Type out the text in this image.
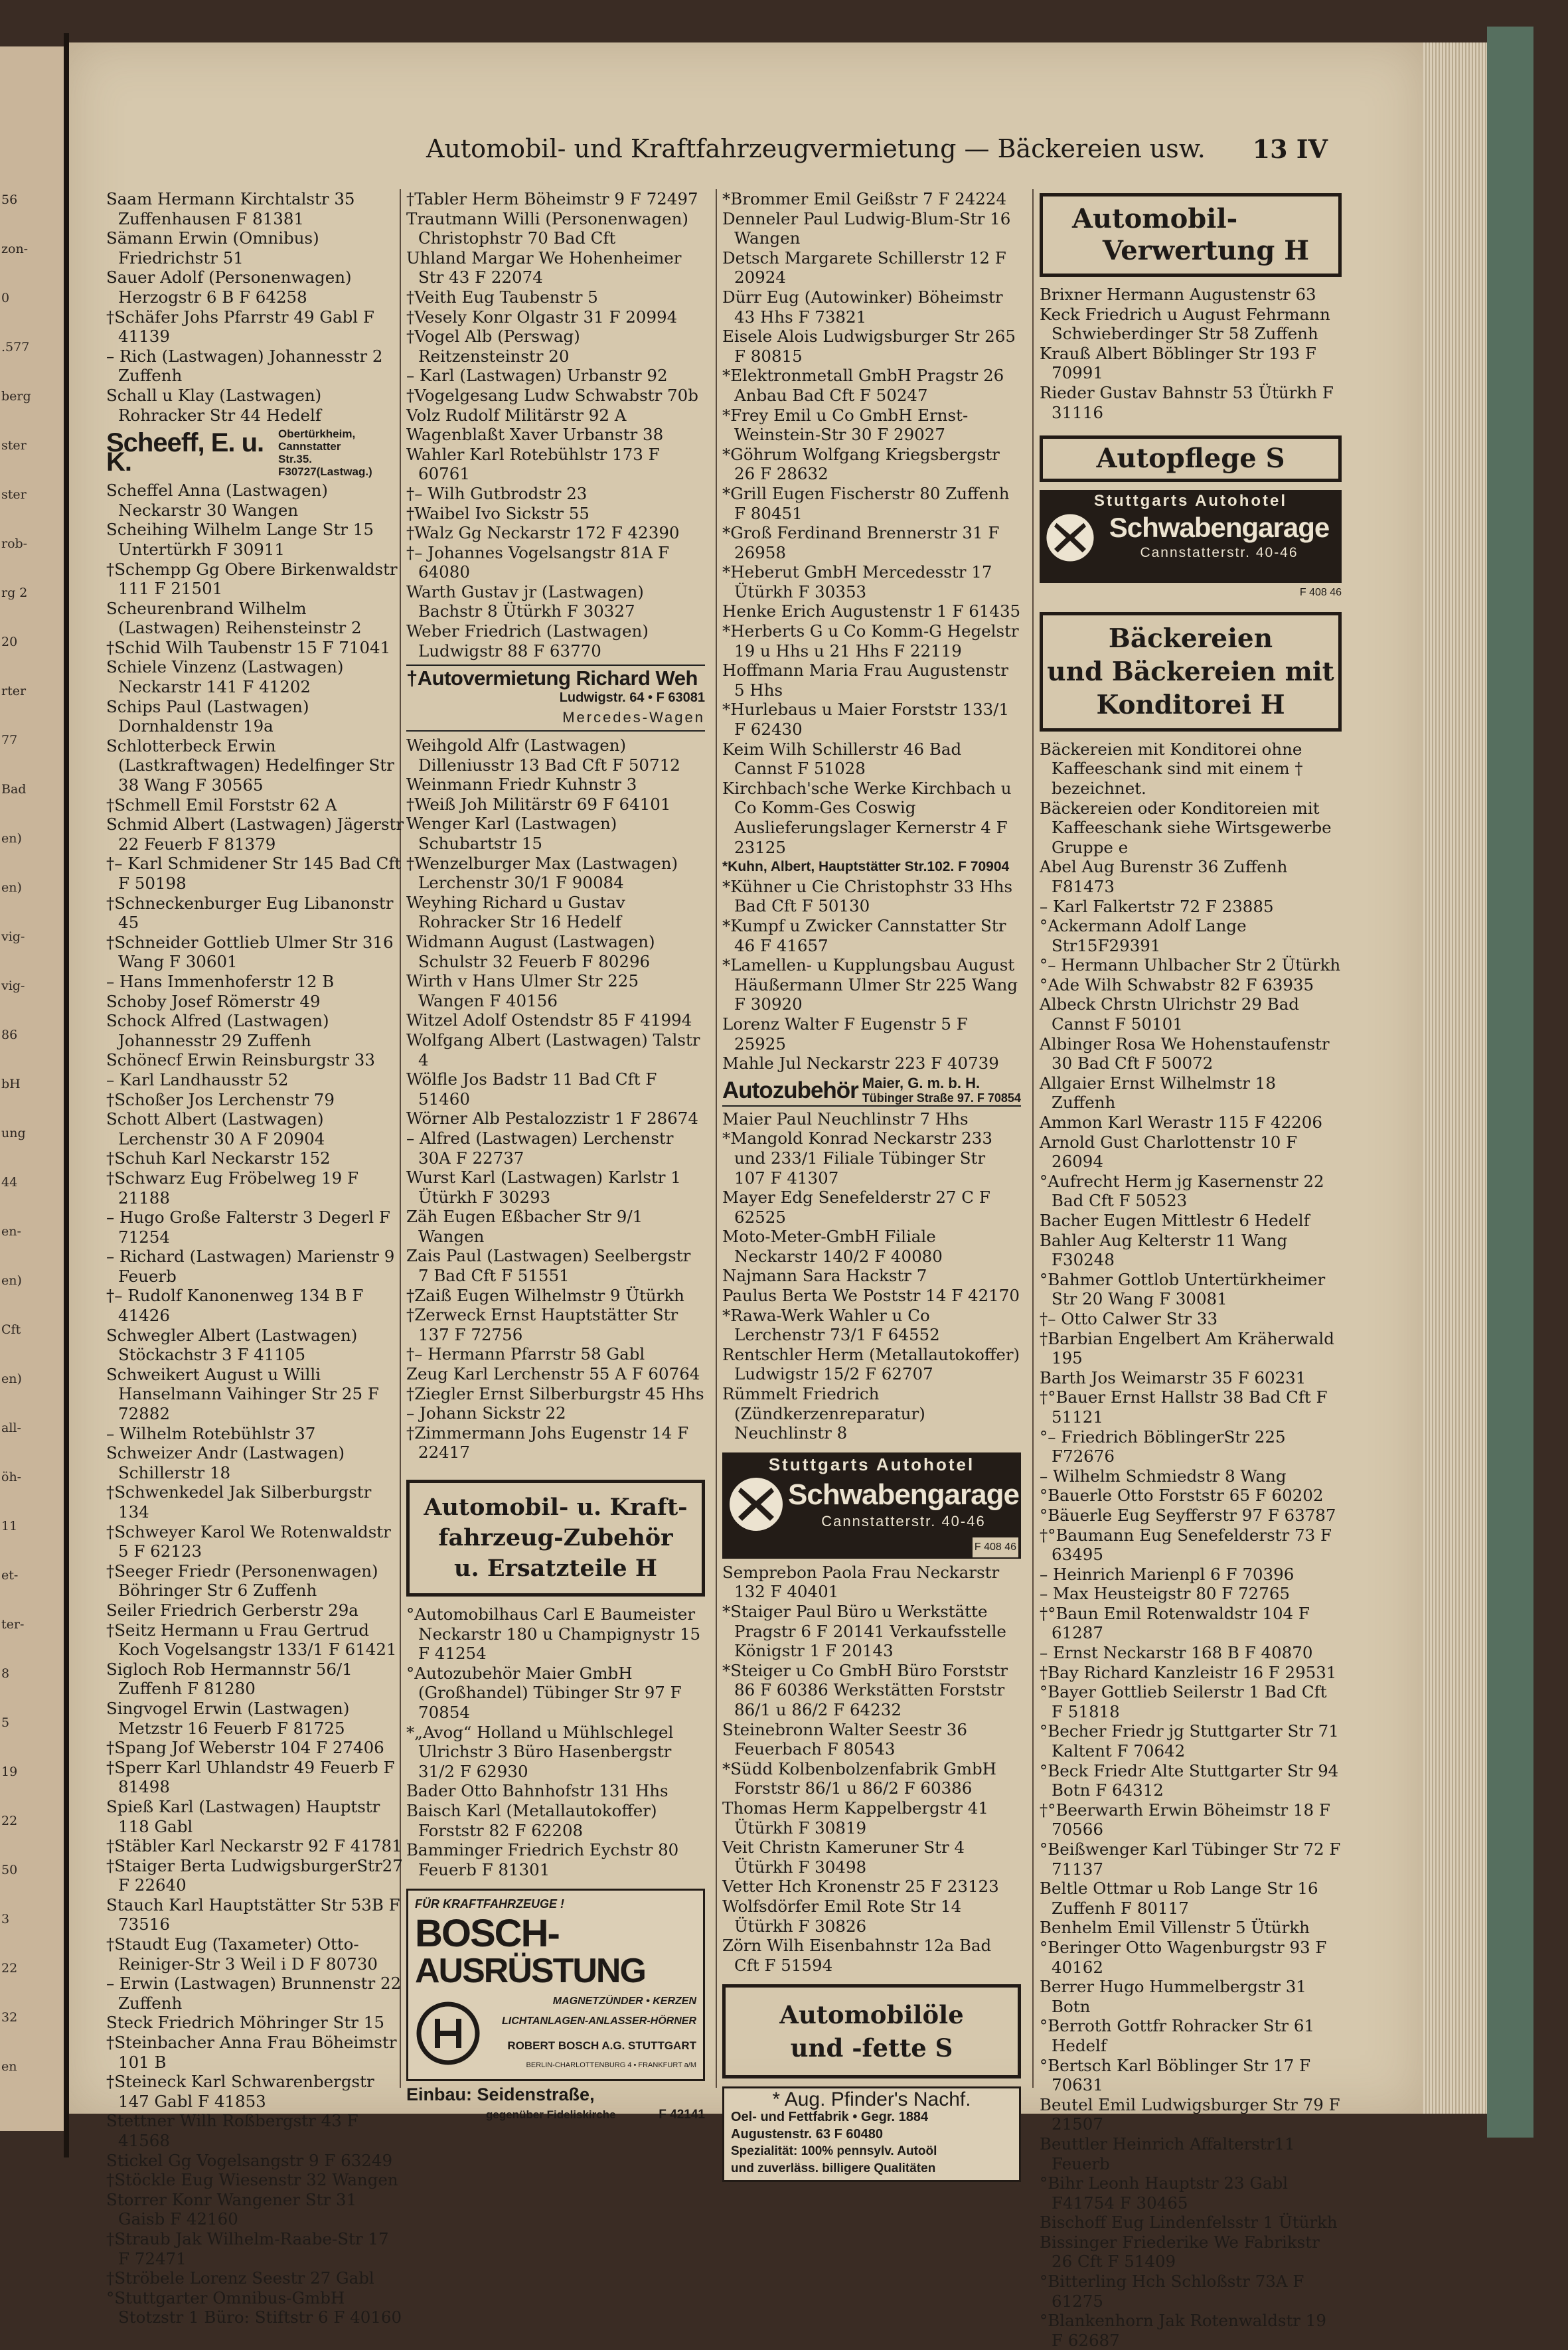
56
zon-
0
.577
berg
ster
ster
rob-
rg 2
20
rter
77
Bad
en)
en)
vig-
vig-
86
bH
ung
44
en-
en)
Cft
en)
all-
öh-
11
et-
ter-
8
5
19
22
50
3
22
32
en
Automobil- und Kraftfahrzeugvermietung — Bäckereien usw. 13 IV
Saam Hermann Kirchtalstr 35 Zuffenhausen F 81381
Sämann Erwin (Omnibus) Friedrichstr 51
Sauer Adolf (Personenwagen) Herzogstr 6 B F 64258
†Schäfer Johs Pfarrstr 49 Gabl F 41139
– Rich (Lastwagen) Johannesstr 2 Zuffenh
Schall u Klay (Lastwagen) Rohracker Str 44 Hedelf
Scheeff, E. u. K.
Obertürkheim, Cannstatter
Str.35. F30727(Lastwag.)
Scheffel Anna (Lastwagen) Neckarstr 30 Wangen
Scheihing Wilhelm Lange Str 15 Untertürkh F 30911
†Schempp Gg Obere Birkenwaldstr 111 F 21501
Scheurenbrand Wilhelm (Lastwagen) Reihensteinstr 2
†Schid Wilh Taubenstr 15 F 71041
Schiele Vinzenz (Lastwagen) Neckarstr 141 F 41202
Schips Paul (Lastwagen) Dornhaldenstr 19a
Schlotterbeck Erwin (Lastkraftwagen) Hedelfinger Str 38 Wang F 30565
†Schmell Emil Forststr 62 A
Schmid Albert (Lastwagen) Jägerstr 22 Feuerb F 81379
†– Karl Schmidener Str 145 Bad Cft F 50198
†Schneckenburger Eug Libanonstr 45
†Schneider Gottlieb Ulmer Str 316 Wang F 30601
– Hans Immenhoferstr 12 B
Schoby Josef Römerstr 49
Schock Alfred (Lastwagen) Johannesstr 29 Zuffenh
Schönecf Erwin Reinsburgstr 33
– Karl Landhausstr 52
†Schoßer Jos Lerchenstr 79
Schott Albert (Lastwagen) Lerchenstr 30 A F 20904
†Schuh Karl Neckarstr 152
†Schwarz Eug Fröbelweg 19 F 21188
– Hugo Große Falterstr 3 Degerl F 71254
– Richard (Lastwagen) Marienstr 9 Feuerb
†– Rudolf Kanonenweg 134 B F 41426
Schwegler Albert (Lastwagen) Stöckachstr 3 F 41105
Schweikert August u Willi Hanselmann Vaihinger Str 25 F 72882
– Wilhelm Rotebühlstr 37
Schweizer Andr (Lastwagen) Schillerstr 18
†Schwenkedel Jak Silberburgstr 134
†Schweyer Karol We Rotenwaldstr 5 F 62123
†Seeger Friedr (Personenwagen) Böhringer Str 6 Zuffenh
Seiler Friedrich Gerberstr 29a
†Seitz Hermann u Frau Gertrud Koch Vogelsangstr 133/1 F 61421
Sigloch Rob Hermannstr 56/1 Zuffenh F 81280
Singvogel Erwin (Lastwagen) Metzstr 16 Feuerb F 81725
†Spang Jof Weberstr 104 F 27406
†Sperr Karl Uhlandstr 49 Feuerb F 81498
Spieß Karl (Lastwagen) Hauptstr 118 Gabl
†Stäbler Karl Neckarstr 92 F 41781
†Staiger Berta LudwigsburgerStr27 F 22640
Stauch Karl Hauptstätter Str 53B F 73516
†Staudt Eug (Taxameter) Otto-Reiniger-Str 3 Weil i D F 80730
– Erwin (Lastwagen) Brunnenstr 22 Zuffenh
Steck Friedrich Möhringer Str 15
†Steinbacher Anna Frau Böheimstr 101 B
†Steineck Karl Schwarenbergstr 147 Gabl F 41853
Stettner Wilh Roßbergstr 43 F 41568
Stickel Gg Vogelsangstr 9 F 63249
†Stöckle Eug Wiesenstr 32 Wangen
Storrer Konr Wangener Str 31 Gaisb F 42160
†Straub Jak Wilhelm-Raabe-Str 17 F 72471
†Ströbele Lorenz Seestr 27 Gabl
°Stuttgarter Omnibus-GmbH Stotzstr 1 Büro: Stiftstr 6 F 40160
†Tabler Herm Böheimstr 9 F 72497
Trautmann Willi (Personenwagen) Christophstr 70 Bad Cft
Uhland Margar We Hohenheimer Str 43 F 22074
†Veith Eug Taubenstr 5
†Vesely Konr Olgastr 31 F 20994
†Vogel Alb (Perswag) Reitzensteinstr 20
– Karl (Lastwagen) Urbanstr 92
†Vogelgesang Ludw Schwabstr 70b
Volz Rudolf Militärstr 92 A
Wagenblaßt Xaver Urbanstr 38
Wahler Karl Rotebühlstr 173 F 60761
†– Wilh Gutbrodstr 23
†Waibel Ivo Sickstr 55
†Walz Gg Neckarstr 172 F 42390
†– Johannes Vogelsangstr 81A F 64080
Warth Gustav jr (Lastwagen) Bachstr 8 Ütürkh F 30327
Weber Friedrich (Lastwagen) Ludwigstr 88 F 63770
†Autovermietung Richard Weh
Ludwigstr. 64 • F 63081
Mercedes-Wagen
Weihgold Alfr (Lastwagen) Dilleniusstr 13 Bad Cft F 50712
Weinmann Friedr Kuhnstr 3
†Weiß Joh Militärstr 69 F 64101
Wenger Karl (Lastwagen) Schubartstr 15
†Wenzelburger Max (Lastwagen) Lerchenstr 30/1 F 90084
Weyhing Richard u Gustav Rohracker Str 16 Hedelf
Widmann August (Lastwagen) Schulstr 32 Feuerb F 80296
Wirth v Hans Ulmer Str 225 Wangen F 40156
Witzel Adolf Ostendstr 85 F 41994
Wolfgang Albert (Lastwagen) Talstr 4
Wölfle Jos Badstr 11 Bad Cft F 51460
Wörner Alb Pestalozzistr 1 F 28674
– Alfred (Lastwagen) Lerchenstr 30A F 22737
Wurst Karl (Lastwagen) Karlstr 1 Ütürkh F 30293
Zäh Eugen Eßbacher Str 9/1 Wangen
Zais Paul (Lastwagen) Seelbergstr 7 Bad Cft F 51551
†Zaiß Eugen Wilhelmstr 9 Ütürkh
†Zerweck Ernst Hauptstätter Str 137 F 72756
†– Hermann Pfarrstr 58 Gabl
Zeug Karl Lerchenstr 55 A F 60764
†Ziegler Ernst Silberburgstr 45 Hhs
– Johann Sickstr 22
†Zimmermann Johs Eugenstr 14 F 22417
Automobil- u. Kraft-
fahrzeug-Zubehör
u. Ersatzteile H
°Automobilhaus Carl E Baumeister Neckarstr 180 u Champignystr 15 F 41254
°Autozubehör Maier GmbH (Großhandel) Tübinger Str 97 F 70854
*„Avog“ Holland u Mühlschlegel Ulrichstr 3 Büro Hasenbergstr 31/2 F 62930
Bader Otto Bahnhofstr 131 Hhs
Baisch Karl (Metallautokoffer) Forststr 82 F 62208
Bamminger Friedrich Eychstr 80 Feuerb F 81301
FÜR KRAFTFAHRZEUGE !
BOSCH-
AUSRÜSTUNG
MAGNETZÜNDER • KERZEN
LICHTANLAGEN-ANLASSER-HÖRNER
ROBERT BOSCH A.G. STUTTGART
BERLIN-CHARLOTTENBURG 4 • FRANKFURT a/M
Einbau: Seidenstraße,
gegenüber Fideliskirche	F 42141
*Brommer Emil Geißstr 7 F 24224
Denneler Paul Ludwig-Blum-Str 16 Wangen
Detsch Margarete Schillerstr 12 F 20924
Dürr Eug (Autowinker) Böheimstr 43 Hhs F 73821
Eisele Alois Ludwigsburger Str 265 F 80815
*Elektronmetall GmbH Pragstr 26 Anbau Bad Cft F 50247
*Frey Emil u Co GmbH Ernst-Weinstein-Str 30 F 29027
*Göhrum Wolfgang Kriegsbergstr 26 F 28632
*Grill Eugen Fischerstr 80 Zuffenh F 80451
*Groß Ferdinand Brennerstr 31 F 26958
*Heberut GmbH Mercedesstr 17 Ütürkh F 30353
Henke Erich Augustenstr 1 F 61435
*Herberts G u Co Komm-G Hegelstr 19 u Hhs u 21 Hhs F 22119
Hoffmann Maria Frau Augustenstr 5 Hhs
*Hurlebaus u Maier Forststr 133/1 F 62430
Keim Wilh Schillerstr 46 Bad Cannst F 51028
Kirchbach'sche Werke Kirchbach u Co Komm-Ges Coswig Auslieferungslager Kernerstr 4 F 23125
*Kuhn, Albert, Hauptstätter Str.102. F 70904
*Kühner u Cie Christophstr 33 Hhs Bad Cft F 50130
*Kumpf u Zwicker Cannstatter Str 46 F 41657
*Lamellen- u Kupplungsbau August Häußermann Ulmer Str 225 Wang F 30920
Lorenz Walter F Eugenstr 5 F 25925
Mahle Jul Neckarstr 223 F 40739
Autozubehör Maier, G. m. b. H.
Tübinger Straße 97. F 70854
Maier Paul Neuchlinstr 7 Hhs
*Mangold Konrad Neckarstr 233 und 233/1 Filiale Tübinger Str 107 F 41307
Mayer Edg Senefelderstr 27 C F 62525
Moto-Meter-GmbH Filiale Neckarstr 140/2 F 40080
Najmann Sara Hackstr 7
Paulus Berta We Poststr 14 F 42170
*Rawa-Werk Wahler u Co Lerchenstr 73/1 F 64552
Rentschler Herm (Metallautokoffer) Ludwigstr 15/2 F 62707
Rümmelt Friedrich (Zündkerzenreparatur) Neuchlinstr 8
Stuttgarts Autohotel
Schwabengarage
Cannstatterstr. 40-46
F 408 46
Semprebon Paola Frau Neckarstr 132 F 40401
*Staiger Paul Büro u Werkstätte Pragstr 6 F 20141 Verkaufsstelle Königstr 1 F 20143
*Steiger u Co GmbH Büro Forststr 86 F 60386 Werkstätten Forststr 86/1 u 86/2 F 64232
Steinebronn Walter Seestr 36 Feuerbach F 80543
*Südd Kolbenbolzenfabrik GmbH Forststr 86/1 u 86/2 F 60386
Thomas Herm Kappelbergstr 41 Ütürkh F 30819
Veit Christn Kameruner Str 4 Ütürkh F 30498
Vetter Hch Kronenstr 25 F 23123
Wolfsdörfer Emil Rote Str 14 Ütürkh F 30826
Zörn Wilh Eisenbahnstr 12a Bad Cft F 51594
Automobilöle
und -fette S
* Aug. Pfinder's Nachf.
Oel- und Fettfabrik • Gegr. 1884
Augustenstr. 63 F 60480
Spezialität: 100% pennsylv. Autoöl
und zuverläss. billigere Qualitäten
Automobil-
Verwertung H
Brixner Hermann Augustenstr 63
Keck Friedrich u August Fehrmann Schwieberdinger Str 58 Zuffenh
Krauß Albert Böblinger Str 193 F 70991
Rieder Gustav Bahnstr 53 Ütürkh F 31116
Autopflege S
Stuttgarts Autohotel
Schwabengarage
Cannstatterstr. 40-46
F 408 46
Bäckereien
und Bäckereien mit
Konditorei H
Bäckereien mit Konditorei ohne Kaffeeschank sind mit einem † bezeichnet.
Bäckereien oder Konditoreien mit Kaffeeschank siehe Wirtsgewerbe Gruppe e
Abel Aug Burenstr 36 Zuffenh F81473
– Karl Falkertstr 72 F 23885
°Ackermann Adolf Lange Str15F29391
°– Hermann Uhlbacher Str 2 Ütürkh
°Ade Wilh Schwabstr 82 F 63935
Albeck Chrstn Ulrichstr 29 Bad Cannst F 50101
Albinger Rosa We Hohenstaufenstr 30 Bad Cft F 50072
Allgaier Ernst Wilhelmstr 18 Zuffenh
Ammon Karl Werastr 115 F 42206
Arnold Gust Charlottenstr 10 F 26094
°Aufrecht Herm jg Kasernenstr 22 Bad Cft F 50523
Bacher Eugen Mittlestr 6 Hedelf
Bahler Aug Kelterstr 11 Wang F30248
°Bahmer Gottlob Untertürkheimer Str 20 Wang F 30081
†– Otto Calwer Str 33
†Barbian Engelbert Am Kräherwald 195
Barth Jos Weimarstr 35 F 60231
†°Bauer Ernst Hallstr 38 Bad Cft F 51121
°– Friedrich BöblingerStr 225 F72676
– Wilhelm Schmiedstr 8 Wang
°Bauerle Otto Forststr 65 F 60202
°Bäuerle Eug Seyfferstr 97 F 63787
†°Baumann Eug Senefelderstr 73 F 63495
– Heinrich Marienpl 6 F 70396
– Max Heusteigstr 80 F 72765
†°Baun Emil Rotenwaldstr 104 F 61287
– Ernst Neckarstr 168 B F 40870
†Bay Richard Kanzleistr 16 F 29531
°Bayer Gottlieb Seilerstr 1 Bad Cft F 51818
°Becher Friedr jg Stuttgarter Str 71 Kaltent F 70642
°Beck Friedr Alte Stuttgarter Str 94 Botn F 64312
†°Beerwarth Erwin Böheimstr 18 F 70566
°Beißwenger Karl Tübinger Str 72 F 71137
Beltle Ottmar u Rob Lange Str 16 Zuffenh F 80117
Benhelm Emil Villenstr 5 Ütürkh
°Beringer Otto Wagenburgstr 93 F 40162
Berrer Hugo Hummelbergstr 31 Botn
°Berroth Gottfr Rohracker Str 61 Hedelf
°Bertsch Karl Böblinger Str 17 F 70631
Beutel Emil Ludwigsburger Str 79 F 21507
Beuttler Heinrich Affalterstr11 Feuerb
°Bihr Leonh Hauptstr 23 Gabl F41754 F 30465
Bischoff Eug Lindenfelsstr 1 Ütürkh
Bissinger Friederike We Fabrikstr 26 Cft F 51409
°Bitterling Hch Schloßstr 73A F 61275
°Blankenhorn Jak Rotenwaldstr 19 F 62687
